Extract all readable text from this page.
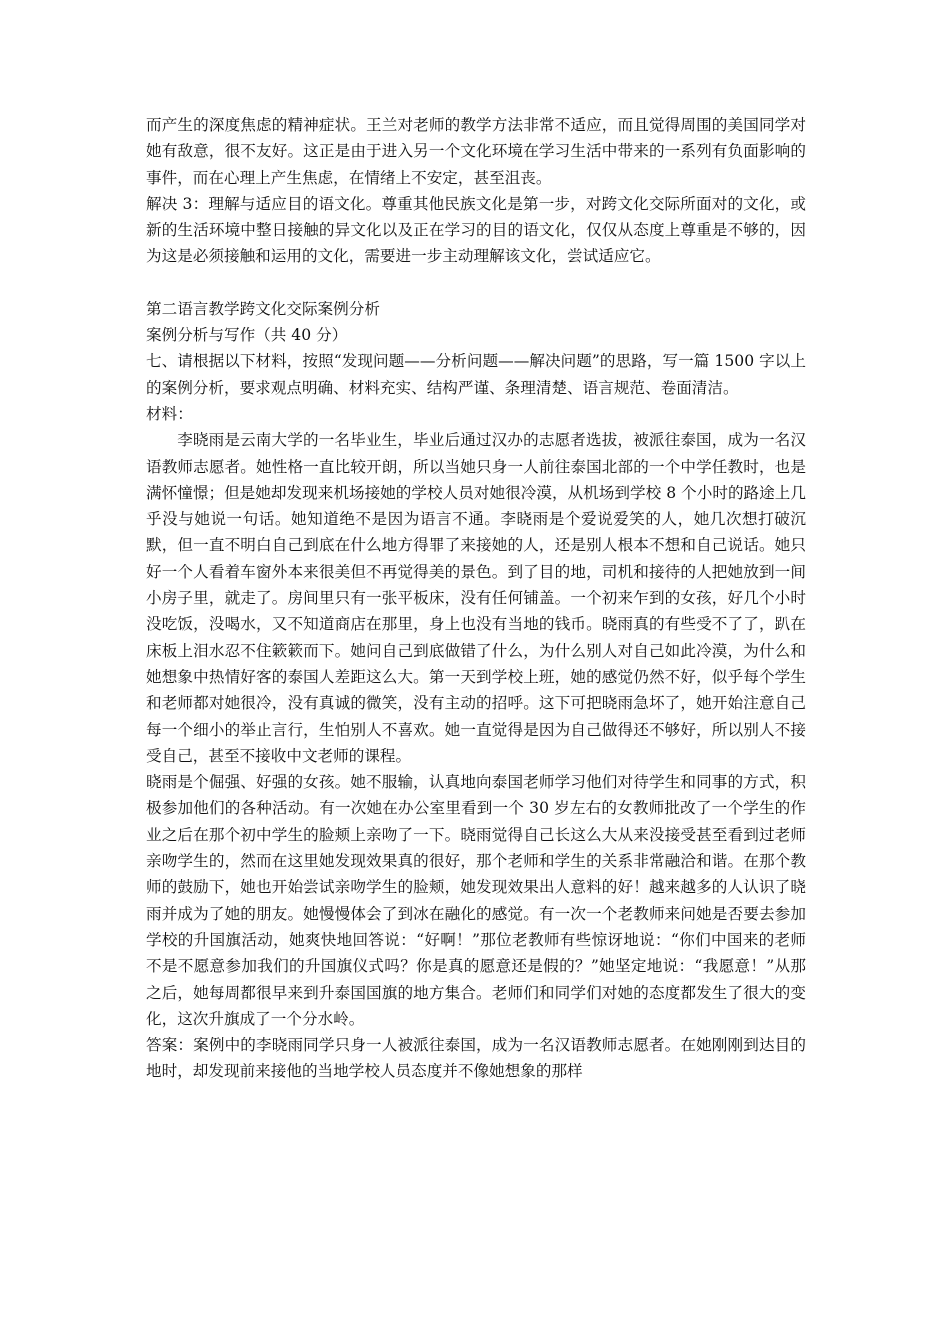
而产生的深度焦虑的精神症状。王兰对老师的教学方法非常不适应，而且觉得周围的美国同学对她有敌意，很不友好。这正是由于进入另一个文化环境在学习生活中带来的一系列有负面影响的事件，而在心理上产生焦虑，在情绪上不安定，甚至沮丧。

解决 3：理解与适应目的语文化。尊重其他民族文化是第一步，对跨文化交际所面对的文化，或新的生活环境中整日接触的异文化以及正在学习的目的语文化，仅仅从态度上尊重是不够的，因为这是必须接触和运用的文化，需要进一步主动理解该文化，尝试适应它。

第二语言教学跨文化交际案例分析

案例分析与写作（共 40 分）

七、请根据以下材料，按照“发现问题——分析问题——解决问题”的思路，写一篇 1500 字以上的案例分析，要求观点明确、材料充实、结构严谨、条理清楚、语言规范、卷面清洁。

材料：

李晓雨是云南大学的一名毕业生，毕业后通过汉办的志愿者选拔，被派往泰国，成为一名汉语教师志愿者。她性格一直比较开朗，所以当她只身一人前往泰国北部的一个中学任教时，也是满怀憧憬；但是她却发现来机场接她的学校人员对她很冷漠，从机场到学校 8 个小时的路途上几乎没与她说一句话。她知道绝不是因为语言不通。李晓雨是个爱说爱笑的人，她几次想打破沉默，但一直不明白自己到底在什么地方得罪了来接她的人，还是别人根本不想和自己说话。她只好一个人看着车窗外本来很美但不再觉得美的景色。到了目的地，司机和接待的人把她放到一间小房子里，就走了。房间里只有一张平板床，没有任何铺盖。一个初来乍到的女孩，好几个小时没吃饭，没喝水，又不知道商店在那里，身上也没有当地的钱币。晓雨真的有些受不了了，趴在床板上泪水忍不住簌簌而下。她问自己到底做错了什么，为什么别人对自己如此冷漠，为什么和她想象中热情好客的泰国人差距这么大。第一天到学校上班，她的感觉仍然不好，似乎每个学生和老师都对她很冷，没有真诚的微笑，没有主动的招呼。这下可把晓雨急坏了，她开始注意自己每一个细小的举止言行，生怕别人不喜欢。她一直觉得是因为自己做得还不够好，所以别人不接受自己，甚至不接收中文老师的课程。

晓雨是个倔强、好强的女孩。她不服输，认真地向泰国老师学习他们对待学生和同事的方式，积极参加他们的各种活动。有一次她在办公室里看到一个 30 岁左右的女教师批改了一个学生的作业之后在那个初中学生的脸颊上亲吻了一下。晓雨觉得自己长这么大从来没接受甚至看到过老师亲吻学生的，然而在这里她发现效果真的很好，那个老师和学生的关系非常融洽和谐。在那个教师的鼓励下，她也开始尝试亲吻学生的脸颊，她发现效果出人意料的好！越来越多的人认识了晓雨并成为了她的朋友。她慢慢体会了到冰在融化的感觉。有一次一个老教师来问她是否要去参加学校的升国旗活动，她爽快地回答说：“好啊！”那位老教师有些惊讶地说：“你们中国来的老师不是不愿意参加我们的升国旗仪式吗？你是真的愿意还是假的？”她坚定地说：“我愿意！”从那之后，她每周都很早来到升泰国国旗的地方集合。老师们和同学们对她的态度都发生了很大的变化，这次升旗成了一个分水岭。

答案：案例中的李晓雨同学只身一人被派往泰国，成为一名汉语教师志愿者。在她刚刚到达目的地时，却发现前来接他的当地学校人员态度并不像她想象的那样
